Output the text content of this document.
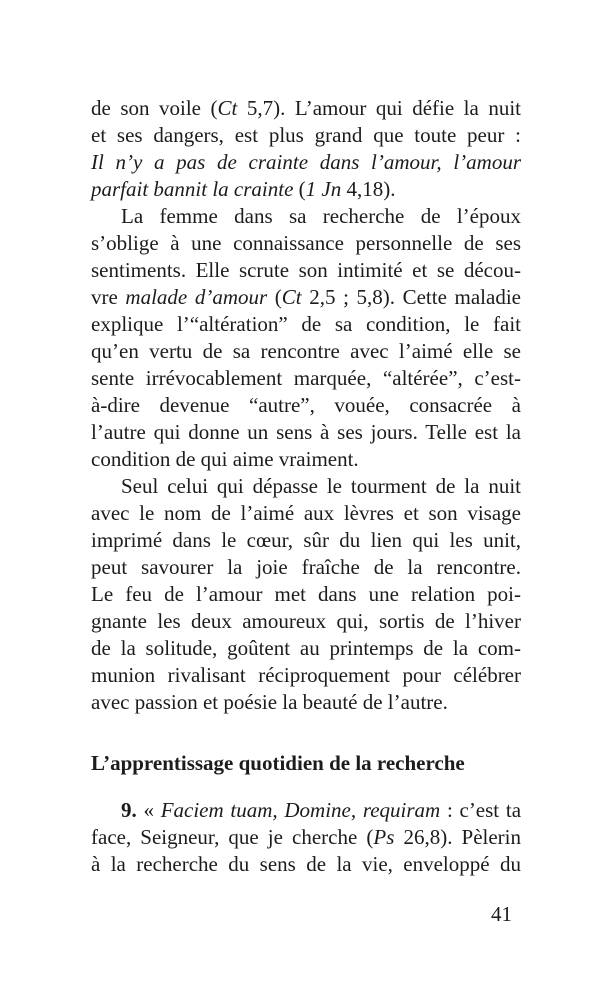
de son voile (Ct 5,7). L’amour qui défie la nuit
et ses dangers, est plus grand que toute peur :
Il n’y a pas de crainte dans l’amour, l’amour
parfait bannit la crainte (1 Jn 4,18).
La femme dans sa recherche de l’époux
s’oblige à une connaissance personnelle de ses
sentiments. Elle scrute son intimité et se décou-
vre malade d’amour (Ct 2,5 ; 5,8). Cette maladie
explique l’“altération” de sa condition, le fait
qu’en vertu de sa rencontre avec l’aimé elle se
sente irrévocablement marquée, “altérée”, c’est-
à-dire devenue “autre”, vouée, consacrée à
l’autre qui donne un sens à ses jours. Telle est la
condition de qui aime vraiment.
Seul celui qui dépasse le tourment de la nuit
avec le nom de l’aimé aux lèvres et son visage
imprimé dans le cœur, sûr du lien qui les unit,
peut savourer la joie fraîche de la rencontre.
Le feu de l’amour met dans une relation poi-
gnante les deux amoureux qui, sortis de l’hiver
de la solitude, goûtent au printemps de la com-
munion rivalisant réciproquement pour célébrer
avec passion et poésie la beauté de l’autre.
L’apprentissage quotidien de la recherche
9. « Faciem tuam, Domine, requiram : c’est ta
face, Seigneur, que je cherche (Ps 26,8). Pèlerin
à la recherche du sens de la vie, enveloppé du
41
